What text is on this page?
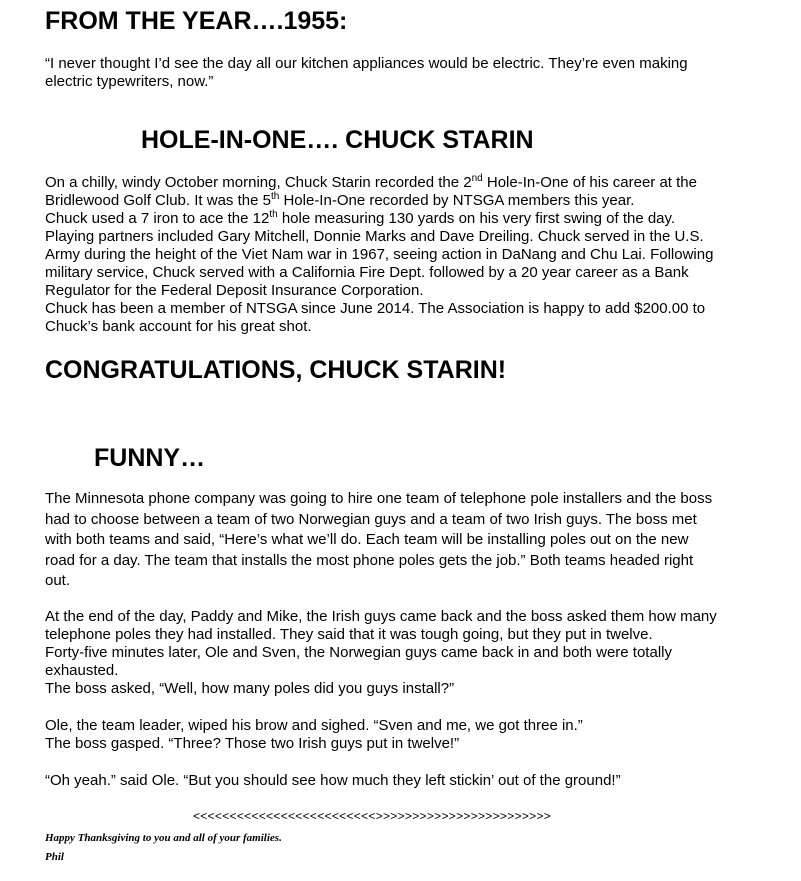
FROM THE YEAR….1955:
“I never thought I’d see the day all our kitchen appliances would be electric. They’re even making
electric typewriters, now.”
HOLE-IN-ONE…. CHUCK STARIN
On a chilly, windy October morning, Chuck Starin recorded the 2nd Hole-In-One of his career at the
Bridlewood Golf Club. It was the 5th Hole-In-One recorded by NTSGA members this year.
Chuck used a 7 iron to ace the 12th hole measuring 130 yards on his very first swing of the day.
Playing partners included Gary Mitchell, Donnie Marks and Dave Dreiling. Chuck served in the U.S.
Army during the height of the Viet Nam war in 1967, seeing action in DaNang and Chu Lai. Following
military service, Chuck served with a California Fire Dept. followed by a 20 year career as a Bank
Regulator for the Federal Deposit Insurance Corporation.
Chuck has been a member of NTSGA since June 2014. The Association is happy to add $200.00 to
Chuck’s bank account for his great shot.
CONGRATULATIONS, CHUCK STARIN!
FUNNY…
The Minnesota phone company was going to hire one team of telephone pole installers and the boss
had to choose between a team of two Norwegian guys and a team of two Irish guys. The boss met
with both teams and said, “Here’s what we’ll do. Each team will be installing poles out on the new
road for a day. The team that installs the most phone poles gets the job.” Both teams headed right
out.
At the end of the day, Paddy and Mike, the Irish guys came back and the boss asked them how many
telephone poles they had installed. They said that it was tough going, but they put in twelve.
Forty-five minutes later, Ole and Sven, the Norwegian guys came back in and both were totally
exhausted.
The boss asked, “Well, how many poles did you guys install?”
Ole, the team leader, wiped his brow and sighed. “Sven and me, we got three in.”
The boss gasped. “Three? Those two Irish guys put in twelve!”
“Oh yeah.” said Ole. “But you should see how much they left stickin’ out of the ground!”
<<<<<<<<<<<<<<<<<<<<<<<<<>>>>>>>>>>>>>>>>>>>>>>>>
Happy Thanksgiving to you and all of your families.
Phil
